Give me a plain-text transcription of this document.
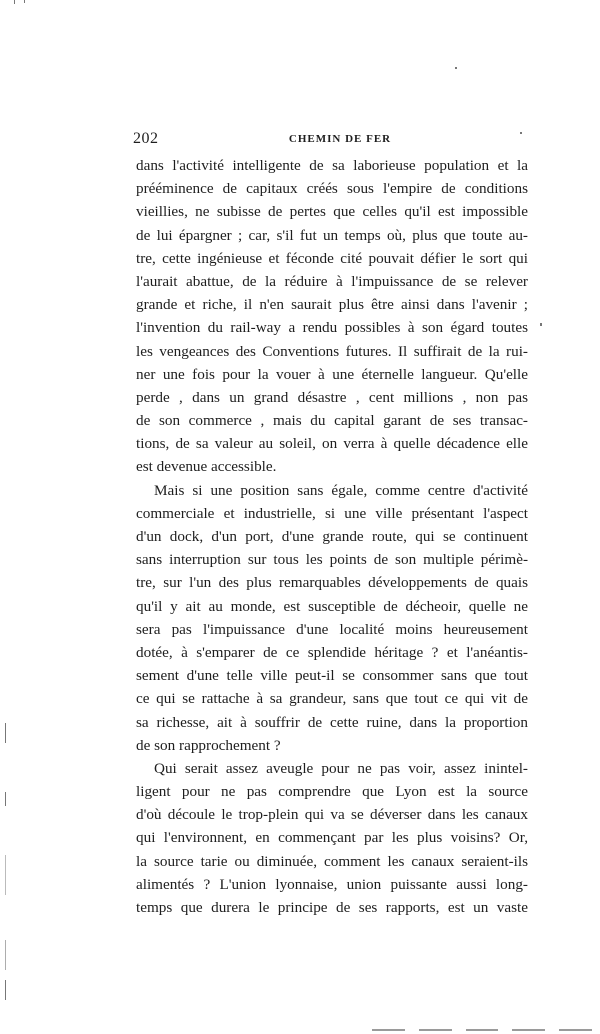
202	CHEMIN DE FER
dans l'activité intelligente de sa laborieuse population et la
prééminence de capitaux créés sous l'empire de conditions
vieillies, ne subisse de pertes que celles qu'il est impossible
de lui épargner ; car, s'il fut un temps où, plus que toute au-
tre, cette ingénieuse et féconde cité pouvait défier le sort qui
l'aurait abattue, de la réduire à l'impuissance de se relever
grande et riche, il n'en saurait plus être ainsi dans l'avenir ;
l'invention du rail-way a rendu possibles à son égard toutes
les vengeances des Conventions futures. Il suffirait de la rui-
ner une fois pour la vouer à une éternelle langueur. Qu'elle
perde , dans un grand désastre , cent millions , non pas
de son commerce , mais du capital garant de ses transac-
tions, de sa valeur au soleil, on verra à quelle décadence elle
est devenue accessible.
Mais si une position sans égale, comme centre d'activité
commerciale et industrielle, si une ville présentant l'aspect
d'un dock, d'un port, d'une grande route, qui se continuent
sans interruption sur tous les points de son multiple périmè-
tre, sur l'un des plus remarquables développements de quais
qu'il y ait au monde, est susceptible de décheoir, quelle ne
sera pas l'impuissance d'une localité moins heureusement
dotée, à s'emparer de ce splendide héritage ? et l'anéantis-
sement d'une telle ville peut-il se consommer sans que tout
ce qui se rattache à sa grandeur, sans que tout ce qui vit de
sa richesse, ait à souffrir de cette ruine, dans la proportion
de son rapprochement ?
Qui serait assez aveugle pour ne pas voir, assez inintel-
ligent pour ne pas comprendre que Lyon est la source
d'où découle le trop-plein qui va se déverser dans les canaux
qui l'environnent, en commençant par les plus voisins? Or,
la source tarie ou diminuée, comment les canaux seraient-ils
alimentés ? L'union lyonnaise, union puissante aussi long-
temps que durera le principe de ses rapports, est un vaste
